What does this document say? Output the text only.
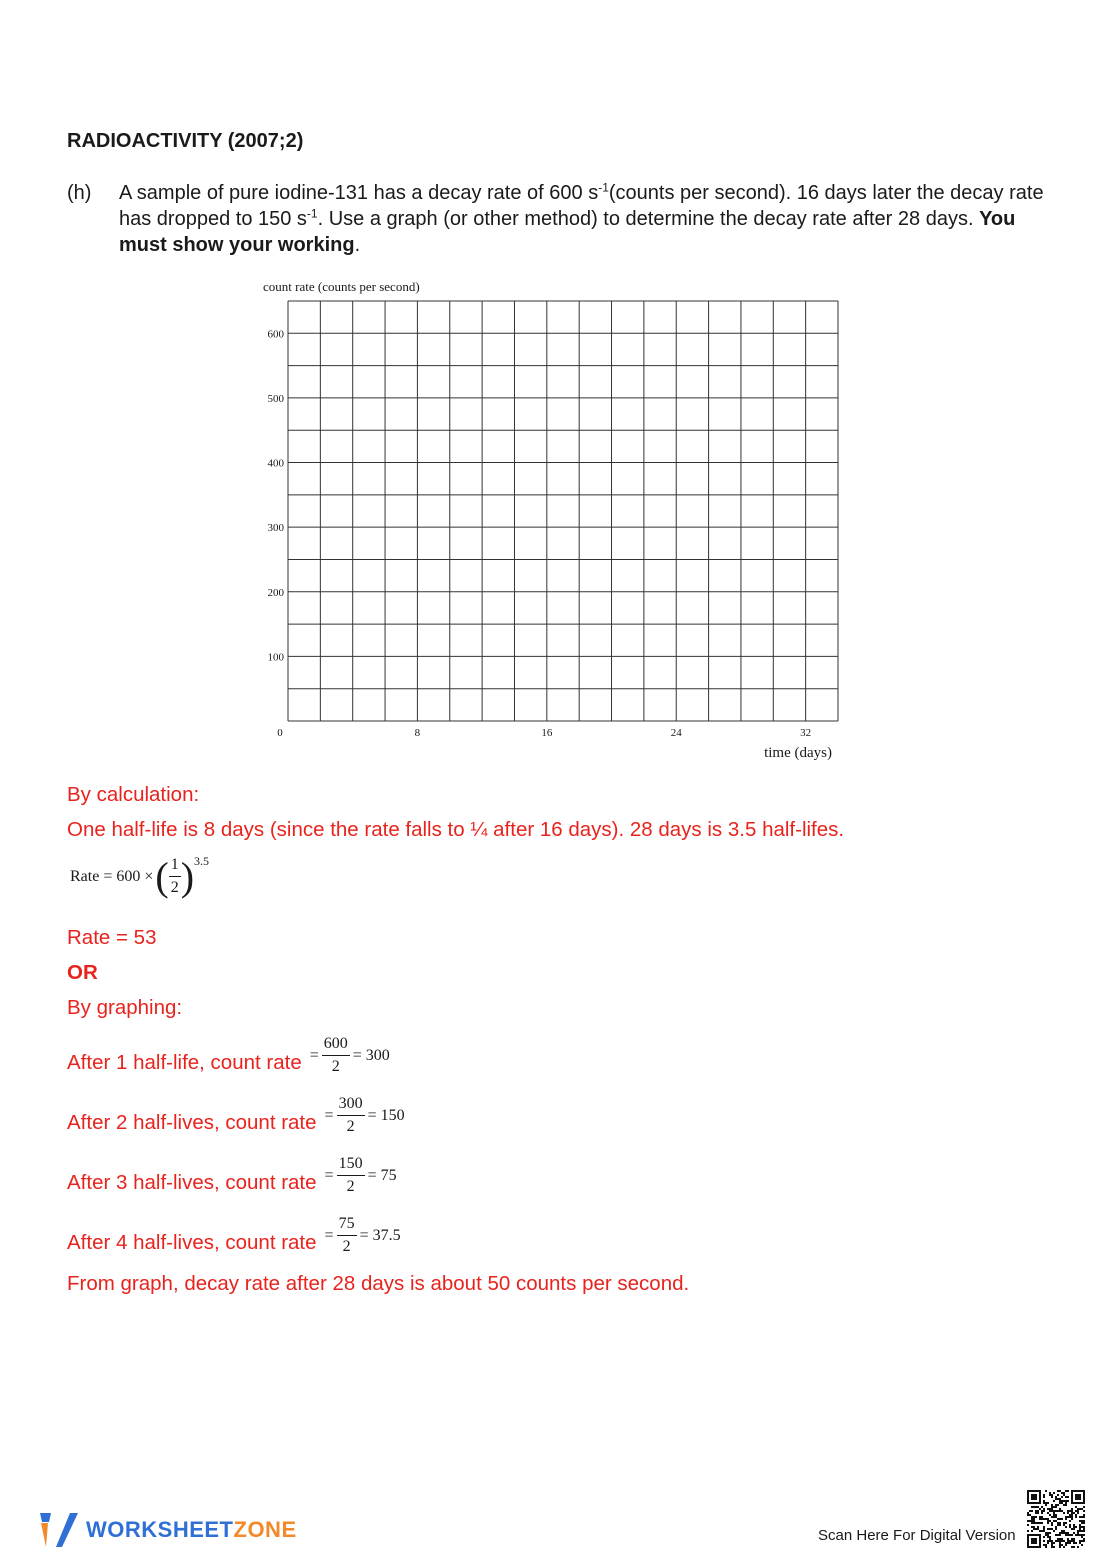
RADIOACTIVITY (2007;2)
(h) A sample of pure iodine-131 has a decay rate of 600 $s^{-1}(counts$ per second). 16 days later the decay rate has dropped to 150 $s^{-1}$. Use a graph (or other method) to determine the decay rate after 28 days. You must show your working.
count rate (counts per second)
100
200
300
400
500
600
0	8	16	24	32
time (days)
By calculation:
One half-life is 8 days (since the rate falls to ¼ after 16 days). 28 days is 3.5 half-lifes.
Rate = 600 × ( $\frac{1}{2}$ ) 3.5
Rate = 53
OR
By graphing:
After 1 half-life, count rate = $\frac{600}{2} = 300$
After 2 half-lives, count rate = $\frac{300}{2} = 150$
After 3 half-lives, count rate = $\frac{150}{2} = 75$
After 4 half-lives, count rate = $\frac{75}{2} = 37.5$
From graph, decay rate after 28 days is about 50 counts per second.
WORKSHEETZONE	Scan Here For Digital Version
